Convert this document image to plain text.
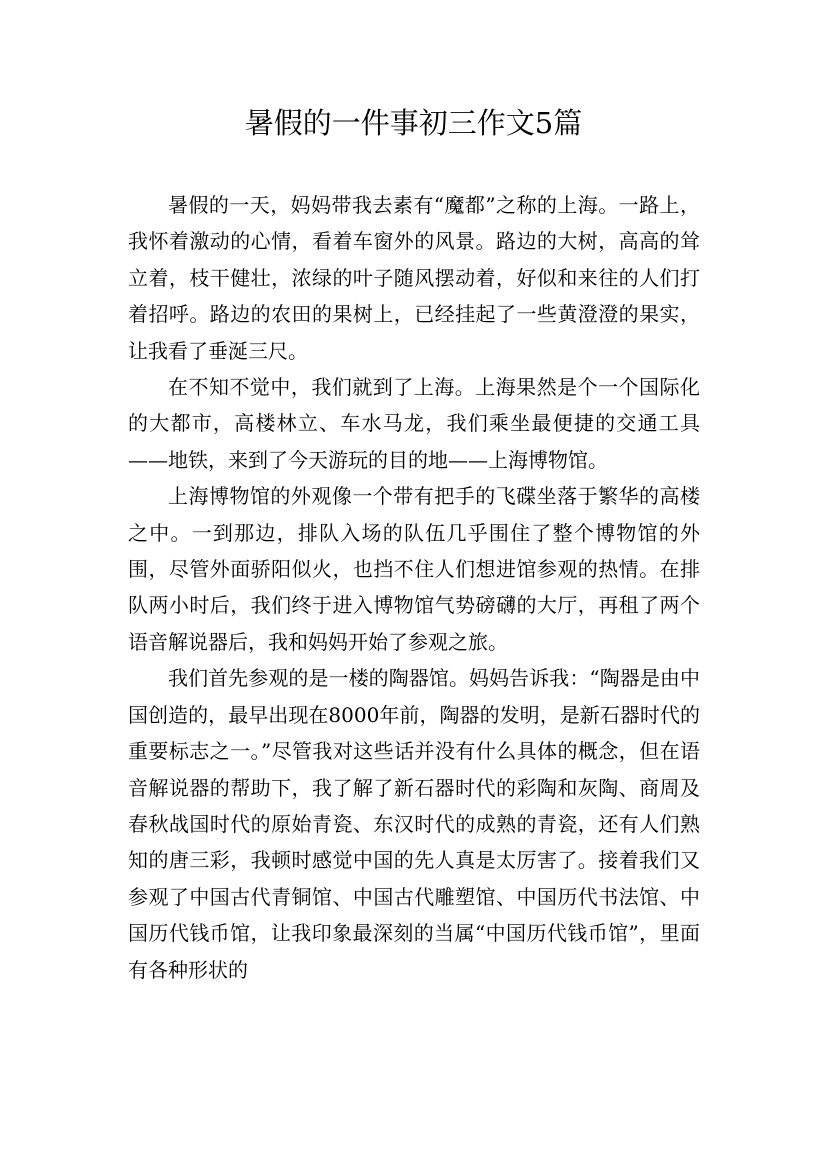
暑假的一件事初三作文5篇

暑假的一天，妈妈带我去素有“魔都”之称的上海。一路上，我怀着激动的心情，看着车窗外的风景。路边的大树，高高的耸立着，枝干健壮，浓绿的叶子随风摆动着，好似和来往的人们打着招呼。路边的农田的果树上，已经挂起了一些黄澄澄的果实，让我看了垂涎三尺。

在不知不觉中，我们就到了上海。上海果然是个一个国际化的大都市，高楼林立、车水马龙，我们乘坐最便捷的交通工具——地铁，来到了今天游玩的目的地——上海博物馆。

上海博物馆的外观像一个带有把手的飞碟坐落于繁华的高楼之中。一到那边，排队入场的队伍几乎围住了整个博物馆的外围，尽管外面骄阳似火，也挡不住人们想进馆参观的热情。在排队两小时后，我们终于进入博物馆气势磅礴的大厅，再租了两个语音解说器后，我和妈妈开始了参观之旅。

我们首先参观的是一楼的陶器馆。妈妈告诉我：“陶器是由中国创造的，最早出现在8000年前，陶器的发明，是新石器时代的重要标志之一。”尽管我对这些话并没有什么具体的概念，但在语音解说器的帮助下，我了解了新石器时代的彩陶和灰陶、商周及春秋战国时代的原始青瓷、东汉时代的成熟的青瓷，还有人们熟知的唐三彩，我顿时感觉中国的先人真是太厉害了。接着我们又参观了中国古代青铜馆、中国古代雕塑馆、中国历代书法馆、中国历代钱币馆，让我印象最深刻的当属“中国历代钱币馆”，里面有各种形状的
